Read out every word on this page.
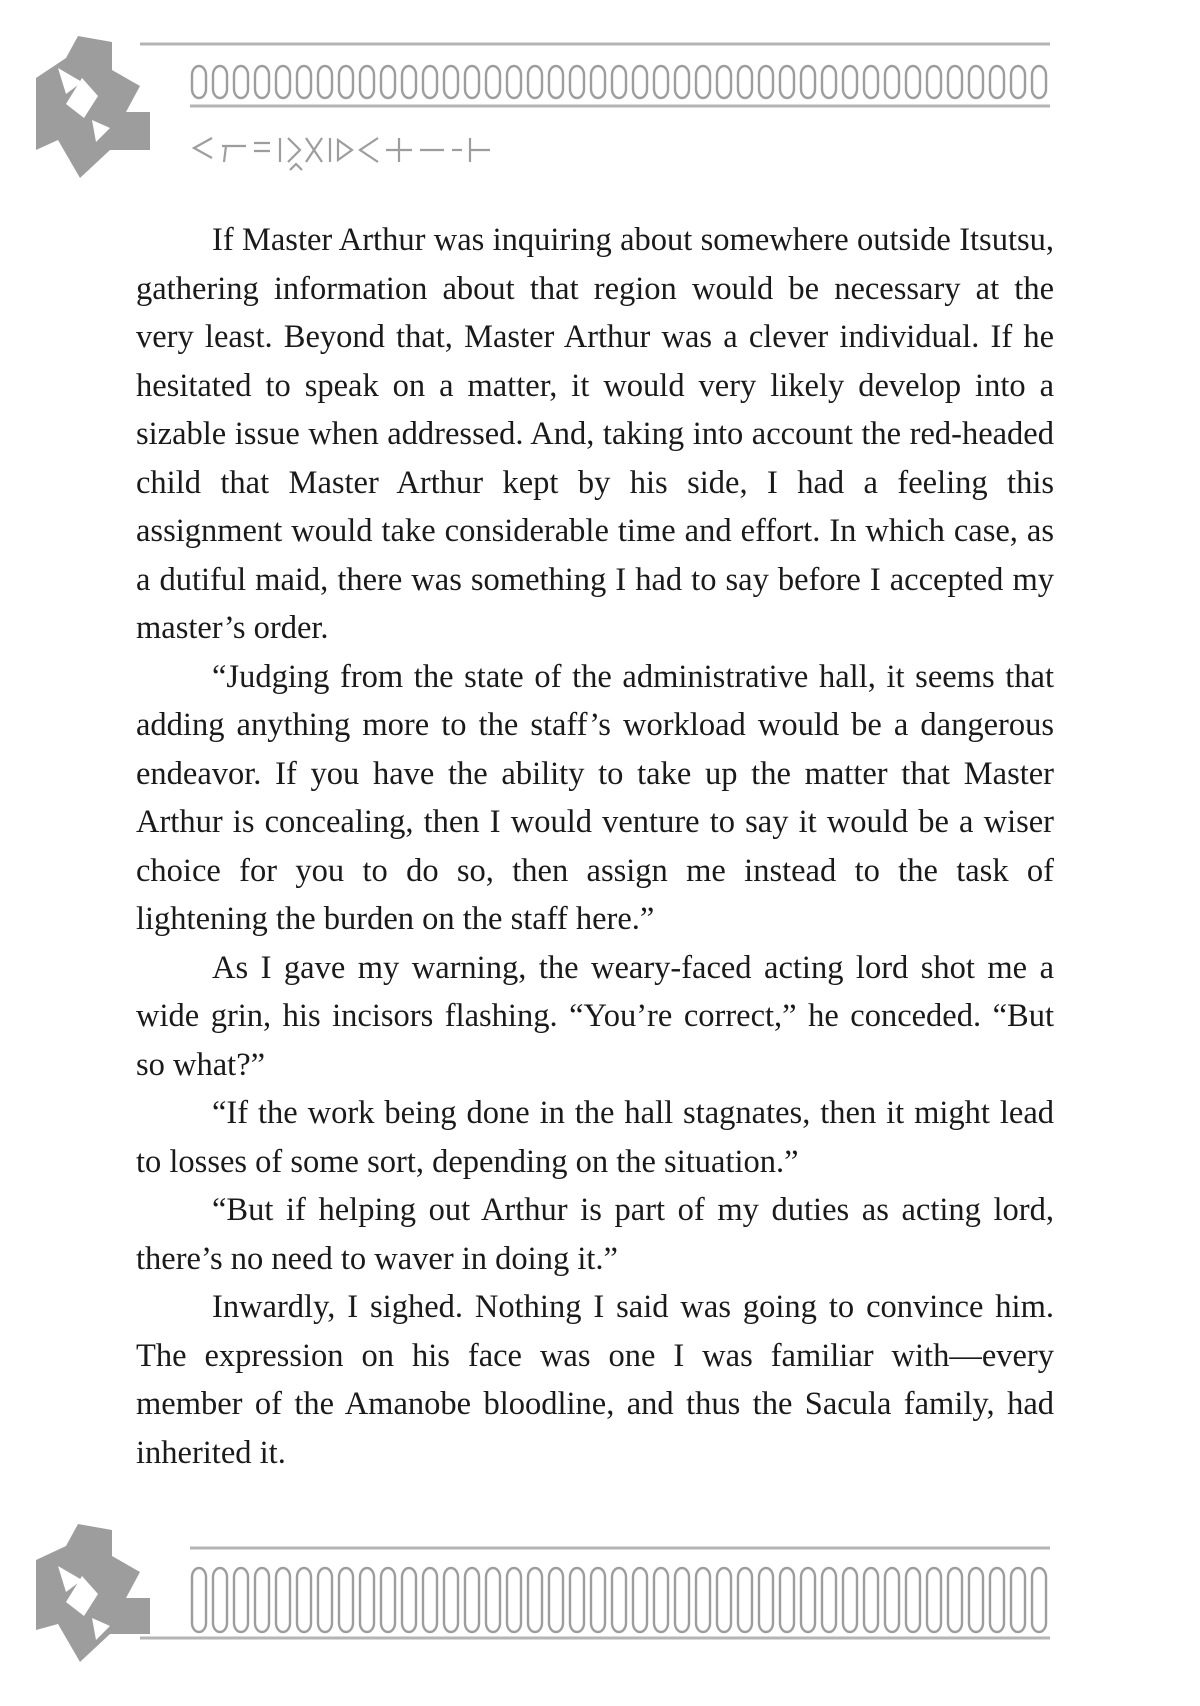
If Master Arthur was inquiring about somewhere outside Itsutsu, gathering information about that region would be necessary at the very least. Beyond that, Master Arthur was a clever individual. If he hesitated to speak on a matter, it would very likely develop into a sizable issue when addressed. And, taking into account the red-headed child that Master Arthur kept by his side, I had a feeling this assignment would take considerable time and effort. In which case, as a dutiful maid, there was something I had to say before I accepted my master’s order.

“Judging from the state of the administrative hall, it seems that adding anything more to the staff’s workload would be a dangerous endeavor. If you have the ability to take up the matter that Master Arthur is concealing, then I would venture to say it would be a wiser choice for you to do so, then assign me instead to the task of lightening the burden on the staff here.”

As I gave my warning, the weary-faced acting lord shot me a wide grin, his incisors flashing. “You’re correct,” he conceded. “But so what?”

“If the work being done in the hall stagnates, then it might lead to losses of some sort, depending on the situation.”

“But if helping out Arthur is part of my duties as acting lord, there’s no need to waver in doing it.”

Inwardly, I sighed. Nothing I said was going to convince him. The expression on his face was one I was familiar with—every member of the Amanobe bloodline, and thus the Sacula family, had inherited it.
